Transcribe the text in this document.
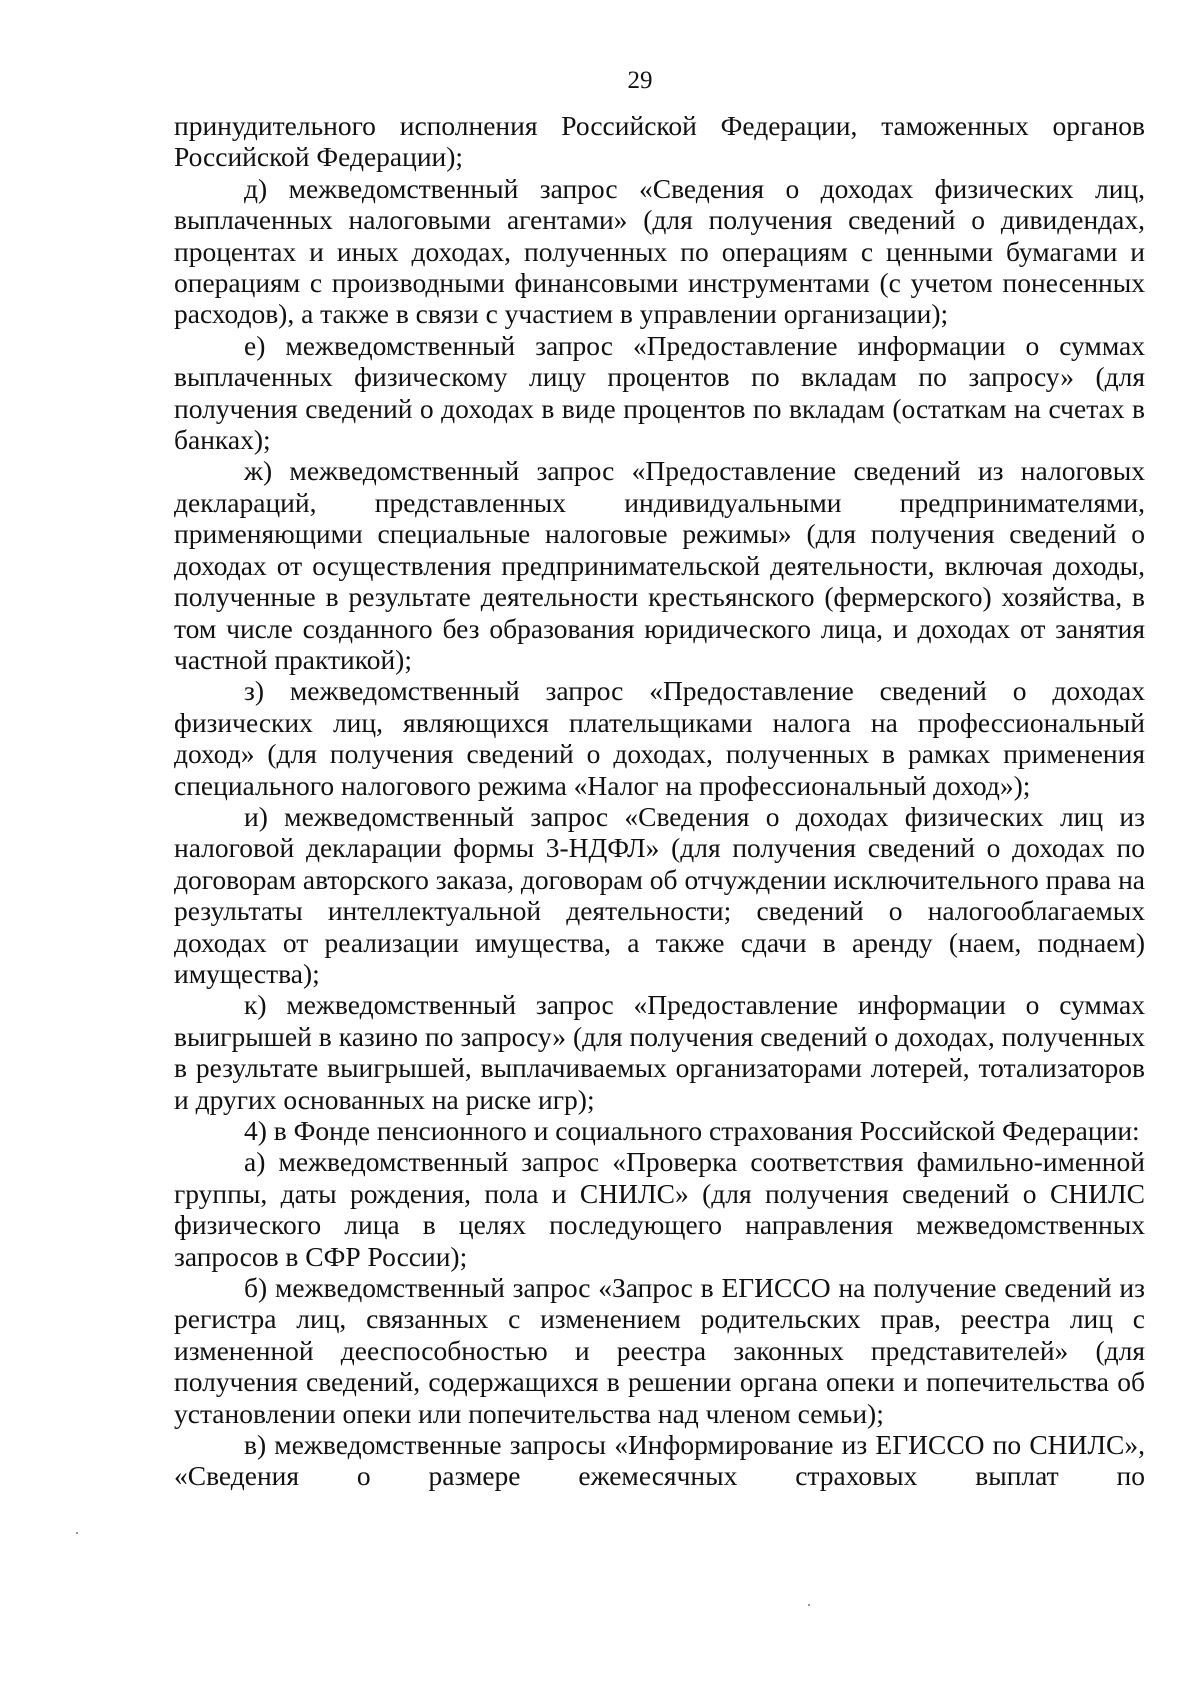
29

принудительного исполнения Российской Федерации, таможенных органов Российской Федерации);

д) межведомственный запрос «Сведения о доходах физических лиц, выплаченных налоговыми агентами» (для получения сведений о дивидендах, процентах и иных доходах, полученных по операциям с ценными бумагами и операциям с производными финансовыми инструментами (с учетом понесенных расходов), а также в связи с участием в управлении организации);

е) межведомственный запрос «Предоставление информации о суммах выплаченных физическому лицу процентов по вкладам по запросу» (для получения сведений о доходах в виде процентов по вкладам (остаткам на счетах в банках);

ж) межведомственный запрос «Предоставление сведений из налоговых деклараций, представленных индивидуальными предпринимателями, применяющими специальные налоговые режимы» (для получения сведений о доходах от осуществления предпринимательской деятельности, включая доходы, полученные в результате деятельности крестьянского (фермерского) хозяйства, в том числе созданного без образования юридического лица, и доходах от занятия частной практикой);

з) межведомственный запрос «Предоставление сведений о доходах физических лиц, являющихся плательщиками налога на профессиональный доход» (для получения сведений о доходах, полученных в рамках применения специального налогового режима «Налог на профессиональный доход»);

и) межведомственный запрос «Сведения о доходах физических лиц из налоговой декларации формы 3-НДФЛ» (для получения сведений о доходах по договорам авторского заказа, договорам об отчуждении исключительного права на результаты интеллектуальной деятельности; сведений о налогооблагаемых доходах от реализации имущества, а также сдачи в аренду (наем, поднаем) имущества);

к) межведомственный запрос «Предоставление информации о суммах выигрышей в казино по запросу» (для получения сведений о доходах, полученных в результате выигрышей, выплачиваемых организаторами лотерей, тотализаторов и других основанных на риске игр);

4) в Фонде пенсионного и социального страхования Российской Федерации:

а) межведомственный запрос «Проверка соответствия фамильно-именной группы, даты рождения, пола и СНИЛС» (для получения сведений о СНИЛС физического лица в целях последующего направления межведомственных запросов в СФР России);

б) межведомственный запрос «Запрос в ЕГИССО на получение сведений из регистра лиц, связанных с изменением родительских прав, реестра лиц с измененной дееспособностью и реестра законных представителей» (для получения сведений, содержащихся в решении органа опеки и попечительства об установлении опеки или попечительства над членом семьи);

в) межведомственные запросы «Информирование из ЕГИССО по СНИЛС», «Сведения о размере ежемесячных страховых выплат по
